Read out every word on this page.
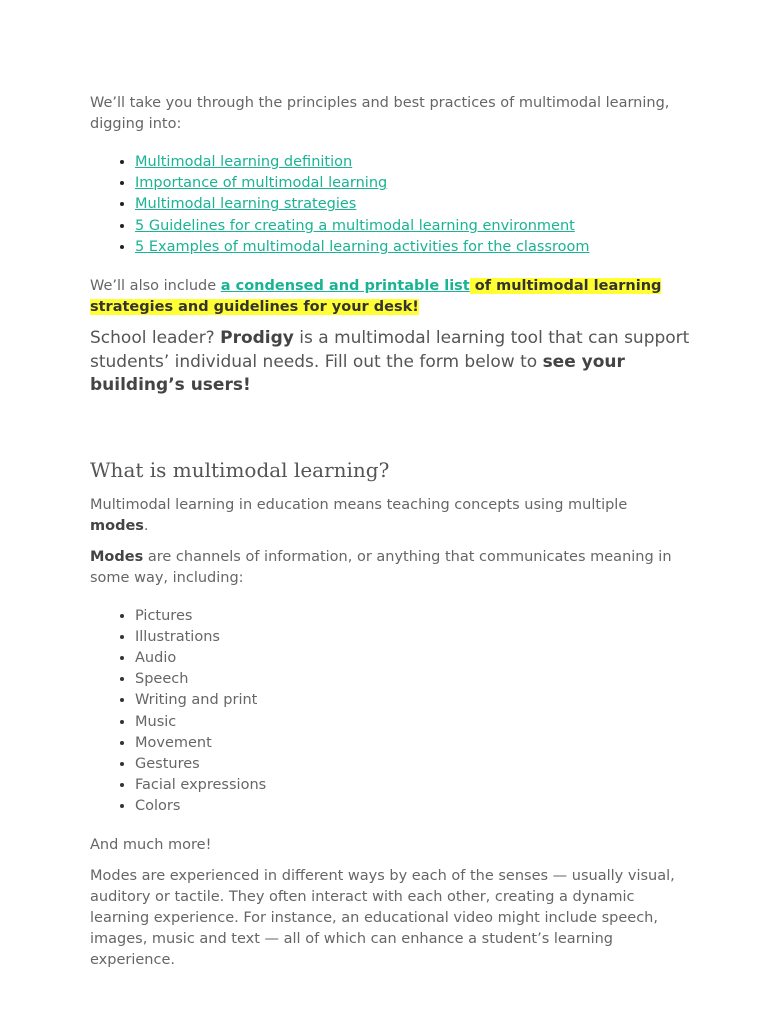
We’ll take you through the principles and best practices of multimodal learning, digging into:

• Multimodal learning definition
• Importance of multimodal learning
• Multimodal learning strategies
• 5 Guidelines for creating a multimodal learning environment
• 5 Examples of multimodal learning activities for the classroom

We’ll also include a condensed and printable list of multimodal learning strategies and guidelines for your desk!

School leader? Prodigy is a multimodal learning tool that can support students’ individual needs. Fill out the form below to see your building’s users!

What is multimodal learning?

Multimodal learning in education means teaching concepts using multiple modes.

Modes are channels of information, or anything that communicates meaning in some way, including:

• Pictures
• Illustrations
• Audio
• Speech
• Writing and print
• Music
• Movement
• Gestures
• Facial expressions
• Colors

And much more!

Modes are experienced in different ways by each of the senses — usually visual, auditory or tactile. They often interact with each other, creating a dynamic learning experience. For instance, an educational video might include speech, images, music and text — all of which can enhance a student’s learning experience.
